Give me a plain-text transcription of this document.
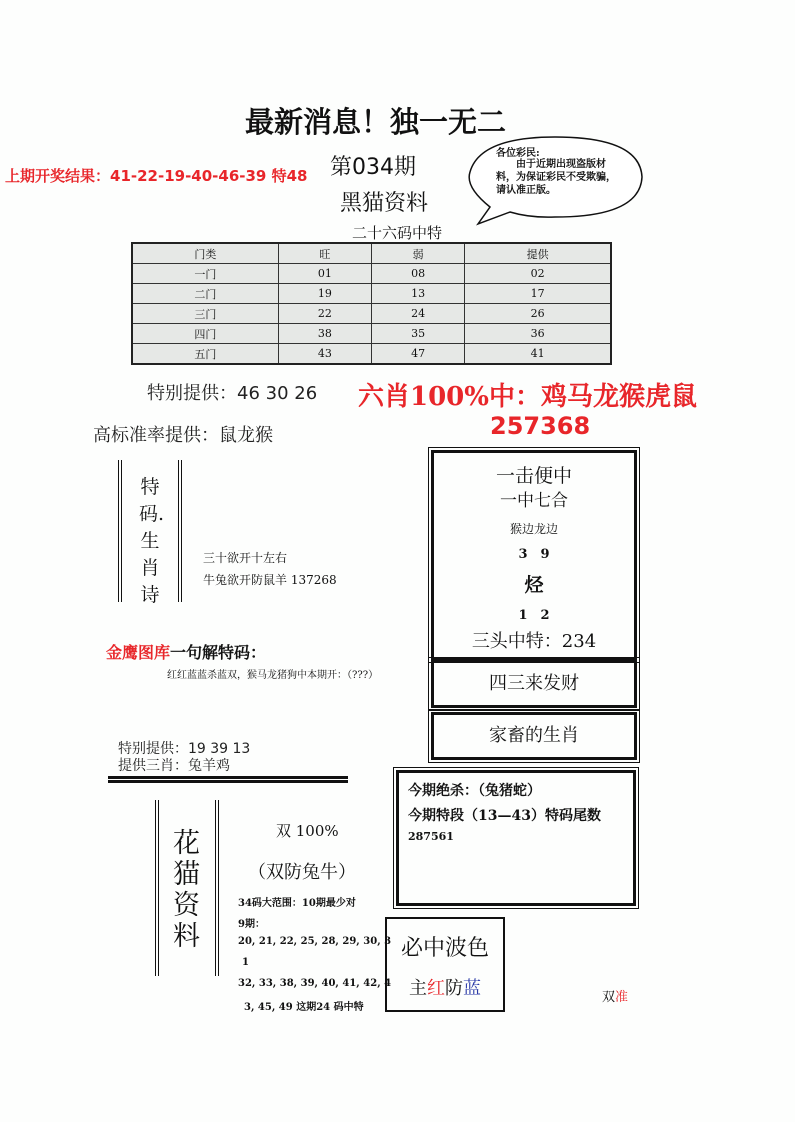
最新消息！独一无二
上期开奖结果：41-22-19-40-46-39 特48 第034期
黑猫资料
二十六码中特
各位彩民:
由于近期出现盗版材料，为保证彩民不受欺骗，请认准正版。
门类	旺	弱	提供
一门	01	08	02
二门	19	13	17
三门	22	24	26
四门	38	35	36
五门	43	47	41
特别提供：46 30 26 六肖100%中：鸡马龙猴虎鼠
257368
高标准率提供：鼠龙猴
特码.生肖诗
三十欲开十左右
牛兔欲开防鼠羊 137268
一击便中
一中七合
猴边龙边
3　9
烃
1　2
三头中特：234
四三来发财
家畜的生肖
金鹰图库一句解特码：
红红蓝蓝杀蓝双，猴马龙猪狗中本期开：（???）
特别提供：19 39 13
提供三肖：兔羊鸡
花猫资料
双 100%
（双防兔牛）
34码大范围：10期最少对
9期：
20, 21, 22, 25, 28, 29, 30, 3
1
32, 33, 38, 39, 40, 41, 42, 4
3, 45, 49 这期24 码中特
今期绝杀：（兔猪蛇）
今期特段（13—43）特码尾数
287561
必中波色
主红防蓝	双准
